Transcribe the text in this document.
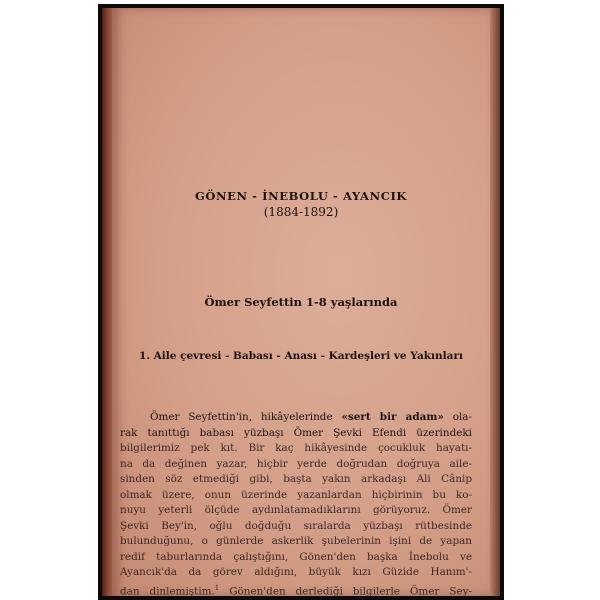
GÖNEN - İNEBOLU - AYANCIK
(1884-1892)
Ömer Seyfettin 1-8 yaşlarında
1. Aile çevresi - Babası - Anası - Kardeşleri ve Yakınları
Ömer Seyfettin'in, hikâyelerinde «sert bir adam» ola-
rak tanıttığı babası yüzbaşı Ömer Şevki Efendi üzerindeki
bilgilerimiz pek kıt. Bir kaç hikâyesinde çocukluk hayatı-
na da değinen yazar, hiçbir yerde doğrudan doğruya aile-
sinden söz etmediği gibi, başta yakın arkadaşı Ali Cânip
olmak üzere, onun üzerinde yazanlardan hiçbirinin bu ko-
nuyu yeterli ölçüde aydınlatamadıklarını görüyoruz. Ömer
Şevki Bey'in, oğlu doğduğu sıralarda yüzbaşı rütbesinde
bulunduğunu, o günlerde askerlik şubelerinin işini de yapan
redif taburlarında çalıştığını, Gönen'den başka İnebolu ve
Ayancık'da da görev aldığını, büyük kızı Güzide Hanım'-
dan dinlemiştim.$^1$ Gönen'den derlediği bilgilerle Ömer Sey-
